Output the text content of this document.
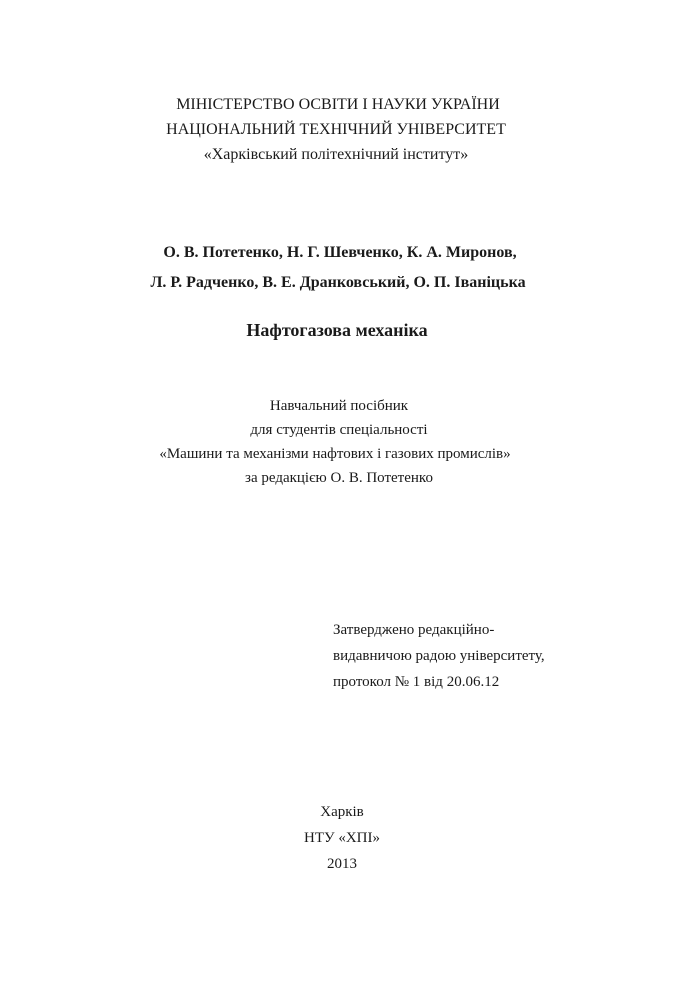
МІНІСТЕРСТВО ОСВІТИ І НАУКИ УКРАЇНИ
НАЦІОНАЛЬНИЙ ТЕХНІЧНИЙ УНІВЕРСИТЕТ
«Харківський політехнічний інститут»
О. В. Потетенко, Н. Г. Шевченко, К. А. Миронов,
Л. Р. Радченко, В. Е. Дранковський, О. П. Іваніцька
Нафтогазова механіка
Навчальний посібник
для студентів спеціальності
«Машини та механізми нафтових і газових промислів»
за редакцією О. В. Потетенко
Затверджено редакційно-
видавничою радою університету,
протокол № 1 від 20.06.12
Харків
НТУ «ХПІ»
2013
